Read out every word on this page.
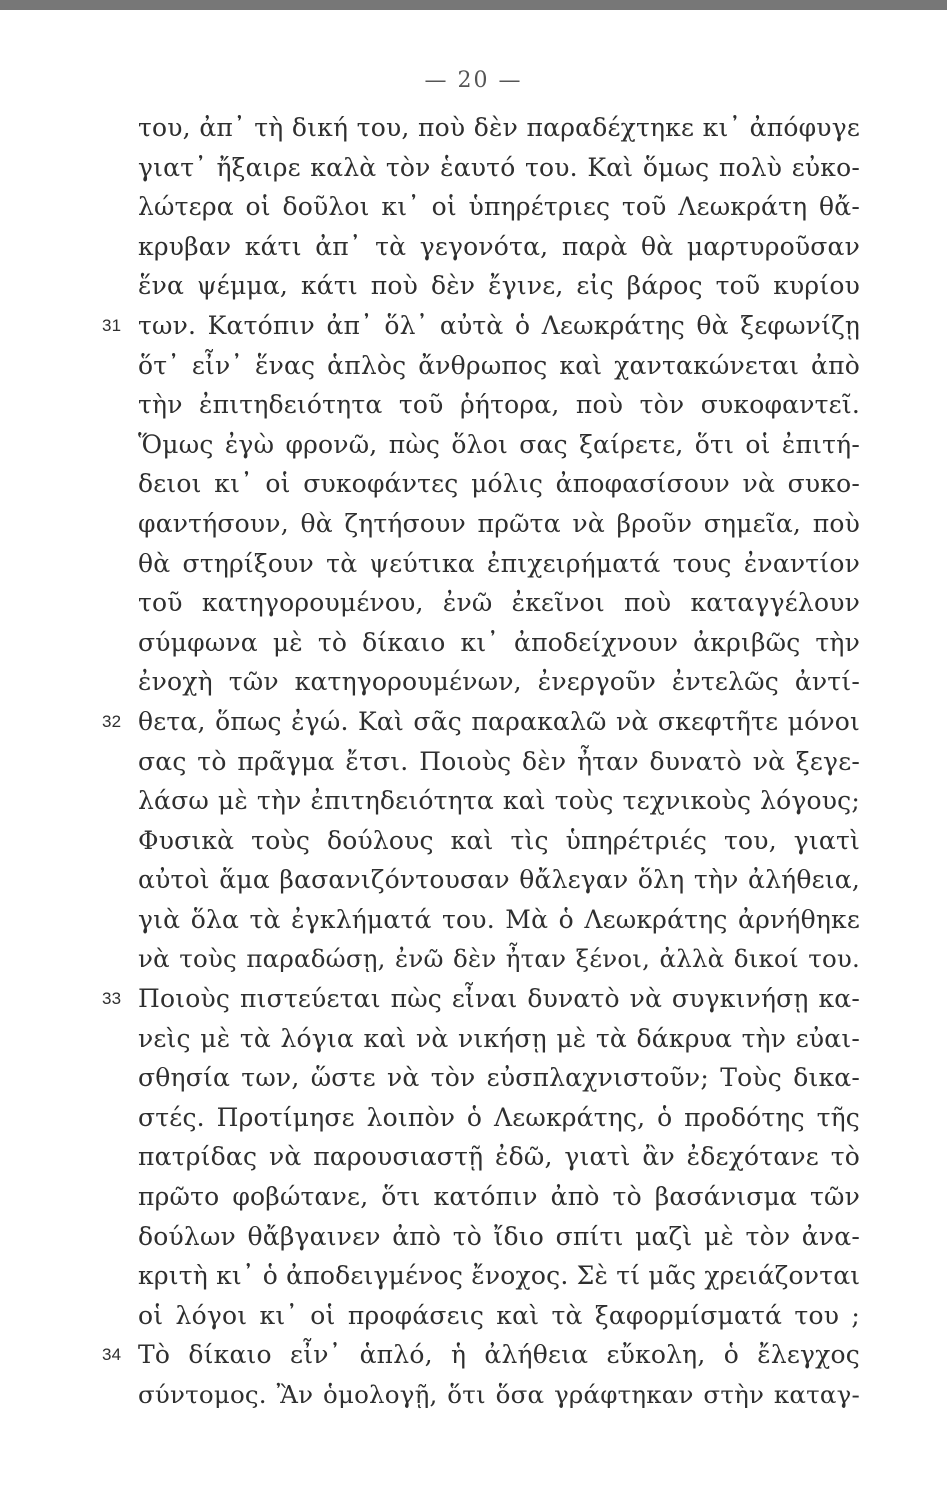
— 20 —
του, ἀπ᾽ τὴ δική του, ποὺ δὲν παραδέχτηκε κι᾽ ἀπόφυγε
γιατ᾽ ἤξαιρε καλὰ τὸν ἑαυτό του. Καὶ ὅμως πολὺ εὐκο-
λώτερα οἱ δοῦλοι κι᾽ οἱ ὑπηρέτριες τοῦ Λεωκράτη θἄ-
κρυβαν κάτι ἀπ᾽ τὰ γεγονότα, παρὰ θὰ μαρτυροῦσαν
ἕνα ψέμμα, κάτι ποὺ δὲν ἔγινε, εἰς βάρος τοῦ κυρίου
31 των. Κατόπιν ἀπ᾽ ὅλ᾽ αὐτὰ ὁ Λεωκράτης θὰ ξεφωνίζῃ
ὅτ᾽ εἶν᾽ ἕνας ἁπλὸς ἄνθρωπος καὶ χαντακώνεται ἀπὸ
τὴν ἐπιτηδειότητα τοῦ ῥήτορα, ποὺ τὸν συκοφαντεῖ.
Ὅμως ἐγὼ φρονῶ, πὼς ὅλοι σας ξαίρετε, ὅτι οἱ ἐπιτή-
δειοι κι᾽ οἱ συκοφάντες μόλις ἀποφασίσουν νὰ συκο-
φαντήσουν, θὰ ζητήσουν πρῶτα νὰ βροῦν σημεῖα, ποὺ
θὰ στηρίξουν τὰ ψεύτικα ἐπιχειρήματά τους ἐναντίον
τοῦ κατηγορουμένου, ἐνῶ ἐκεῖνοι ποὺ καταγγέλουν
σύμφωνα μὲ τὸ δίκαιο κι᾽ ἀποδείχνουν ἀκριβῶς τὴν
ἐνοχὴ τῶν κατηγορουμένων, ἐνεργοῦν ἐντελῶς ἀντί-
32 θετα, ὅπως ἐγώ. Καὶ σᾶς παρακαλῶ νὰ σκεφτῆτε μόνοι
σας τὸ πρᾶγμα ἔτσι. Ποιοὺς δὲν ἦταν δυνατὸ νὰ ξεγε-
λάσω μὲ τὴν ἐπιτηδειότητα καὶ τοὺς τεχνικοὺς λόγους;
Φυσικὰ τοὺς δούλους καὶ τὶς ὑπηρέτριές του, γιατὶ
αὐτοὶ ἅμα βασανιζόντουσαν θἄλεγαν ὅλη τὴν ἀλήθεια,
γιὰ ὅλα τὰ ἐγκλήματά του. Μὰ ὁ Λεωκράτης ἀρνήθηκε
νὰ τοὺς παραδώσῃ, ἐνῶ δὲν ἦταν ξένοι, ἀλλὰ δικοί του.
33 Ποιοὺς πιστεύεται πὼς εἶναι δυνατὸ νὰ συγκινήσῃ κα-
νεὶς μὲ τὰ λόγια καὶ νὰ νικήσῃ μὲ τὰ δάκρυα τὴν εὐαι-
σθησία των, ὥστε νὰ τὸν εὐσπλαχνιστοῦν; Τοὺς δικα-
στές. Προτίμησε λοιπὸν ὁ Λεωκράτης, ὁ προδότης τῆς
πατρίδας νὰ παρουσιαστῇ ἐδῶ, γιατὶ ἂν ἐδεχότανε τὸ
πρῶτο φοβώτανε, ὅτι κατόπιν ἀπὸ τὸ βασάνισμα τῶν
δούλων θἄβγαινεν ἀπὸ τὸ ἴδιο σπίτι μαζὶ μὲ τὸν ἀνα-
κριτὴ κι᾽ ὁ ἀποδειγμένος ἔνοχος. Σὲ τί μᾶς χρειάζονται
οἱ λόγοι κι᾽ οἱ προφάσεις καὶ τὰ ξαφορμίσματά του ;
34 Τὸ δίκαιο εἶν᾽ ἁπλό, ἡ ἀλήθεια εὔκολη, ὁ ἔλεγχος
σύντομος. Ἂν ὁμολογῇ, ὅτι ὅσα γράφτηκαν στὴν καταγ-
